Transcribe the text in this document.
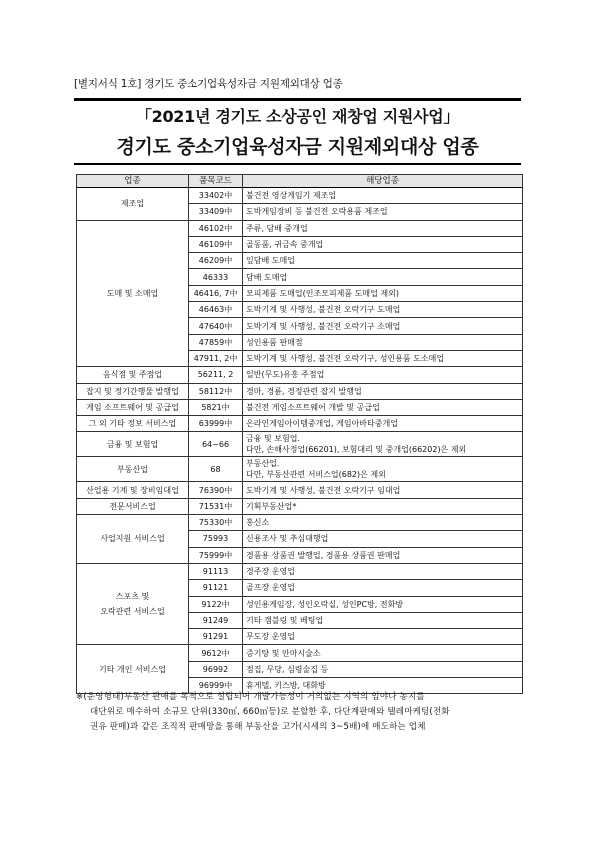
[별지서식 1호] 경기도 중소기업육성자금 지원제외대상 업종
「2021년 경기도 소상공인 재창업 지원사업」
경기도 중소기업육성자금 지원제외대상 업종
업종	품목코드	해당업종
제조업	33402中	불건전 영상게임기 제조업
	33409中	도박게임장비 등 불건전 오락용품 제조업
도매 및 소매업	46102中	주류, 담배 중개업
	46109中	골동품, 귀금속 중개업
	46209中	잎담배 도매업
	46333	담배 도매업
	46416, 7中	모피제품 도매업(인조모피제품 도매업 제외)
	46463中	도박기계 및 사행성, 불건전 오락기구 도매업
	47640中	도박기계 및 사행성, 불건전 오락기구 소매업
	47859中	성인용품 판매점
	47911, 2中	도박기계 및 사행성, 불건전 오락기구, 성인용품 도소매업
음식점 및 주점업	56211, 2	일반(무도)유흥 주점업
잡지 및 정기간행물 발행업	58112中	경마, 경륜, 경정관련 잡지 발행업
게임 소프트웨어 및 공급업	5821中	불건전 게임소프트웨어 개발 및 공급업
그 외 기타 정보 서비스업	63999中	온라인게임아이템중개업, 게임아바타중개업
금융 및 보험업	64~66	금융 및 보험업.
다만, 손해사정업(66201), 보험대리 및 중개업(66202)은 제외

부동산업	68	부동산업.
다만, 부동산관련 서비스업(682)은 제외

산업용 기계 및 장비임대업	76390中	도박기계 및 사행성, 불건전 오락기구 임대업
전문서비스업	71531中	기획부동산업*
사업지원 서비스업	75330中	홍신소
	75993	신용조사 및 추심대행업
	75999中	경품용 상품권 발행업, 경품용 상품권 판매업

스포츠 및
오락관련 서비스업	91113	경주장 운영업
	91121	골프장 운영업
	9122中	성인용게임장, 성인오락실, 성인PC방, 전화방
	91249	기타 갬블링 및 베팅업
	91291	무도장 운영업
기타 개인 서비스업	9612中	증기탕 및 안마시술소
	96992	점집, 무당, 심령술집 등
	96999中	휴게텔, 키스방, 대화방

※(운영형태)부동산 판매를 목적으로 설립되어 개발가능성이 거의없는 지역의 임야나 농지를

대단위로 매수하여 소규모 단위(330㎡, 660㎡등)로 분할한 후, 다단계판매와 텔레마케팅(전화

권유 판매)과 같은 조직적 판매망을 통해 부동산을 고가(시세의 3~5배)에 매도하는 업체
